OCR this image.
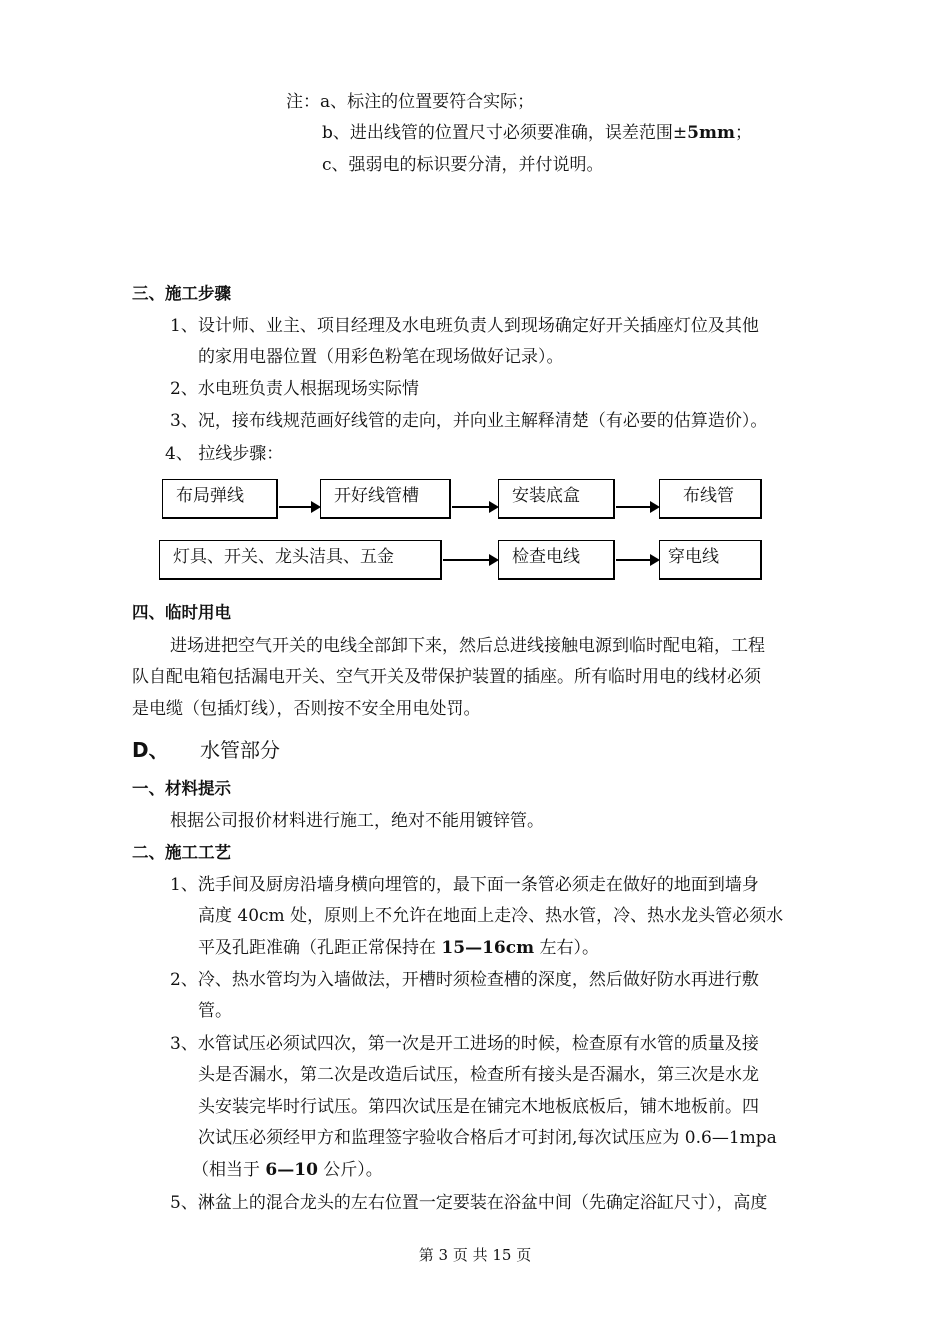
注：a、标注的位置要符合实际；
b、进出线管的位置尺寸必须要准确，误差范围±5mm；
c、强弱电的标识要分清，并付说明。
三、施工步骤
1、设计师、业主、项目经理及水电班负责人到现场确定好开关插座灯位及其他
的家用电器位置（用彩色粉笔在现场做好记录）。
2、水电班负责人根据现场实际情
3、况，接布线规范画好线管的走向，并向业主解释清楚（有必要的估算造价）。
4、 拉线步骤：
布局弹线	开好线管槽	安装底盒	布线管
灯具、开关、龙头洁具、五金	检查电线	穿电线
四、临时用电
进场进把空气开关的电线全部卸下来，然后总进线接触电源到临时配电箱，工程
队自配电箱包括漏电开关、空气开关及带保护装置的插座。所有临时用电的线材必须
是电缆（包插灯线），否则按不安全用电处罚。
D、 水管部分
一、材料提示
根据公司报价材料进行施工，绝对不能用镀锌管。
二、施工工艺
1、洗手间及厨房沿墙身横向埋管的，最下面一条管必须走在做好的地面到墙身
高度 40cm 处，原则上不允许在地面上走冷、热水管，冷、热水龙头管必须水
平及孔距准确（孔距正常保持在 15—16cm 左右）。
2、冷、热水管均为入墙做法，开槽时须检查槽的深度，然后做好防水再进行敷
管。
3、水管试压必须试四次，第一次是开工进场的时候，检查原有水管的质量及接
头是否漏水，第二次是改造后试压，检查所有接头是否漏水，第三次是水龙
头安装完毕时行试压。第四次试压是在铺完木地板底板后，铺木地板前。四
次试压必须经甲方和监理签字验收合格后才可封闭,每次试压应为 0.6—1mpa
（相当于 6—10 公斤）。
5、淋盆上的混合龙头的左右位置一定要装在浴盆中间（先确定浴缸尺寸），高度
第 3 页 共 15 页
